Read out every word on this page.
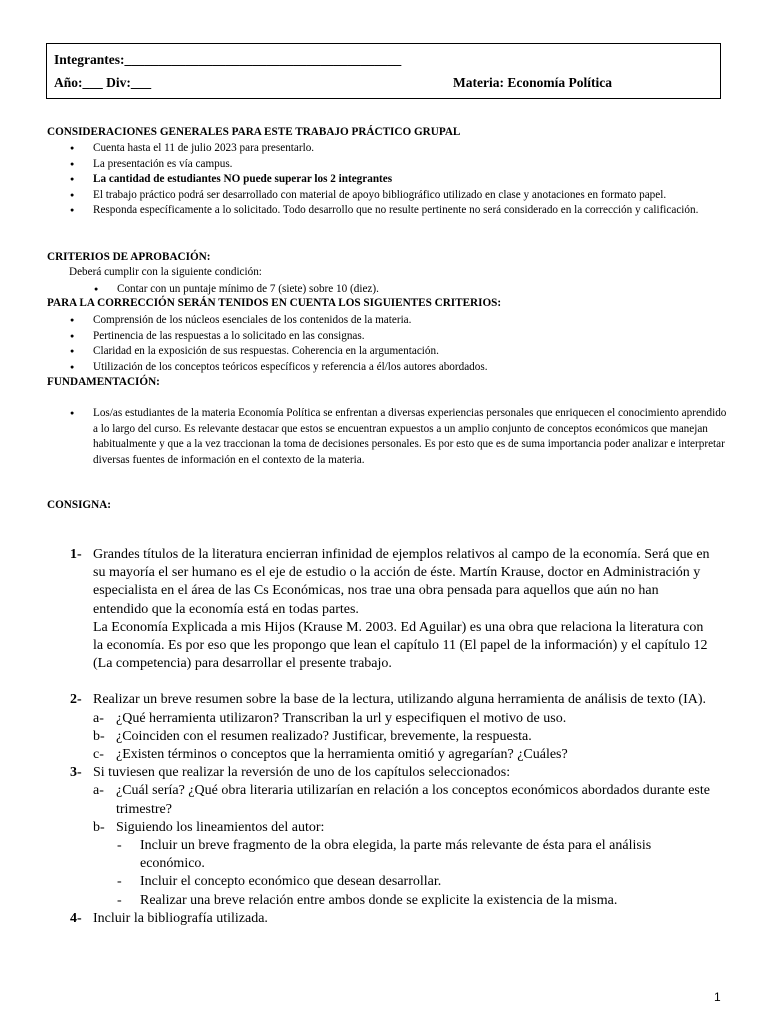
Integrantes:_________________________________________
Año:___ Div:___	Materia: Economía Política
CONSIDERACIONES GENERALES PARA ESTE TRABAJO PRÁCTICO GRUPAL
● Cuenta hasta el 11 de julio 2023 para presentarlo.
● La presentación es vía campus.
● La cantidad de estudiantes NO puede superar los 2 integrantes
● El trabajo práctico podrá ser desarrollado con material de apoyo bibliográfico utilizado en clase y anotaciones en formato papel.
● Responda específicamente a lo solicitado. Todo desarrollo que no resulte pertinente no será considerado en la corrección y calificación.
CRITERIOS DE APROBACIÓN:
Deberá cumplir con la siguiente condición:
● Contar con un puntaje mínimo de 7 (siete) sobre 10 (diez).
PARA LA CORRECCIÓN SERÁN TENIDOS EN CUENTA LOS SIGUIENTES CRITERIOS:
● Comprensión de los núcleos esenciales de los contenidos de la materia.
● Pertinencia de las respuestas a lo solicitado en las consignas.
● Claridad en la exposición de sus respuestas. Coherencia en la argumentación.
● Utilización de los conceptos teóricos específicos y referencia a él/los autores abordados.
FUNDAMENTACIÓN:
● Los/as estudiantes de la materia Economía Política se enfrentan a diversas experiencias personales que enriquecen el conocimiento aprendido a lo largo del curso. Es relevante destacar que estos se encuentran expuestos a un amplio conjunto de conceptos económicos que manejan habitualmente y que a la vez traccionan la toma de decisiones personales. Es por esto que es de suma importancia poder analizar e interpretar diversas fuentes de información en el contexto de la materia.
CONSIGNA:
1- Grandes títulos de la literatura encierran infinidad de ejemplos relativos al campo de la economía. Será que en su mayoría el ser humano es el eje de estudio o la acción de éste. Martín Krause, doctor en Administración y especialista en el área de las Cs Económicas, nos trae una obra pensada para aquellos que aún no han entendido que la economía está en todas partes.
La Economía Explicada a mis Hijos (Krause M. 2003. Ed Aguilar) es una obra que relaciona la literatura con la economía. Es por eso que les propongo que lean el capítulo 11 (El papel de la información) y el capítulo 12 (La competencia) para desarrollar el presente trabajo.
2- Realizar un breve resumen sobre la base de la lectura, utilizando alguna herramienta de análisis de texto (IA).
a- ¿Qué herramienta utilizaron? Transcriban la url y especifiquen el motivo de uso.
b- ¿Coinciden con el resumen realizado? Justificar, brevemente, la respuesta.
c- ¿Existen términos o conceptos que la herramienta omitió y agregarían? ¿Cuáles?
3- Si tuviesen que realizar la reversión de uno de los capítulos seleccionados:
a- ¿Cuál sería? ¿Qué obra literaria utilizarían en relación a los conceptos económicos abordados durante este trimestre?
b- Siguiendo los lineamientos del autor:
- Incluir un breve fragmento de la obra elegida, la parte más relevante de ésta para el análisis económico.
- Incluir el concepto económico que desean desarrollar.
- Realizar una breve relación entre ambos donde se explicite la existencia de la misma.
4- Incluir la bibliografía utilizada.
1
